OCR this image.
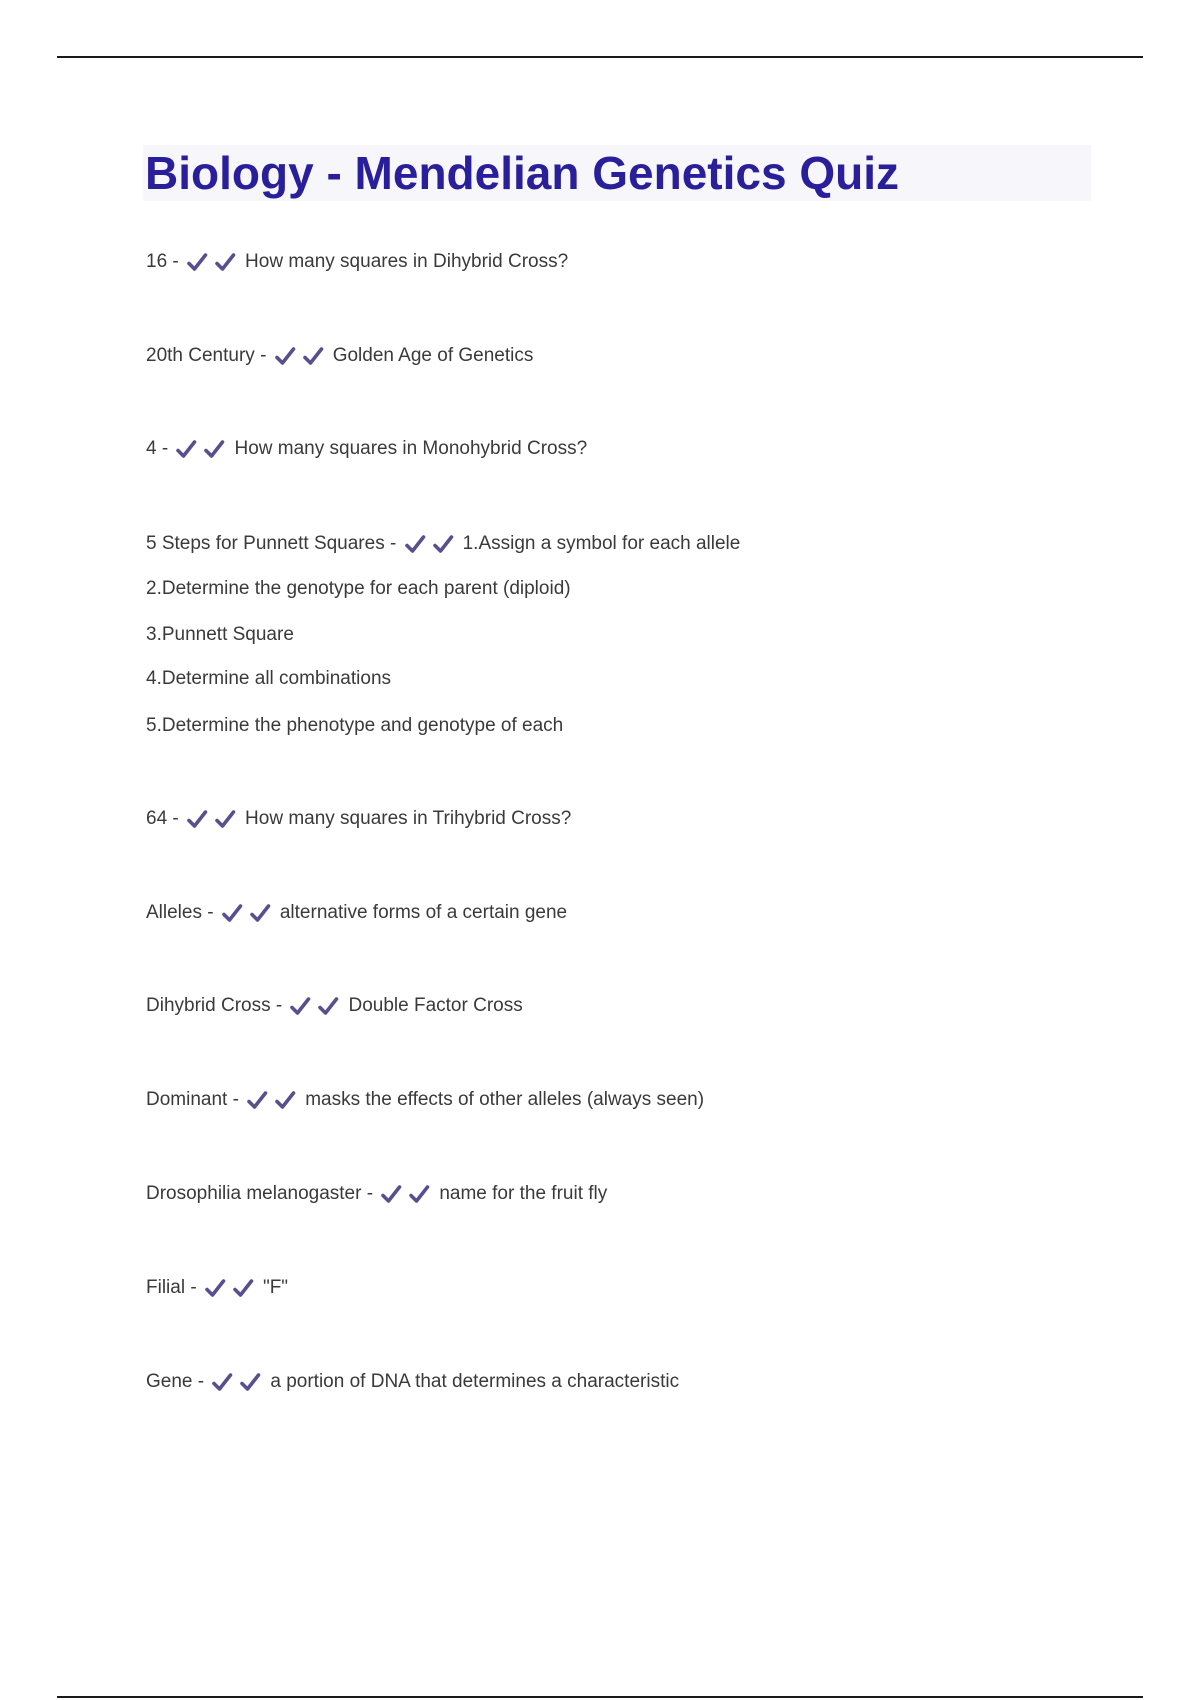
Biology - Mendelian Genetics Quiz
16 -	How many squares in Dihybrid Cross?
20th Century -	Golden Age of Genetics
4 -	How many squares in Monohybrid Cross?
5 Steps for Punnett Squares -	1.Assign a symbol for each allele
2.Determine the genotype for each parent (diploid)
3.Punnett Square
4.Determine all combinations
5.Determine the phenotype and genotype of each
64 -	How many squares in Trihybrid Cross?
Alleles -	alternative forms of a certain gene
Dihybrid Cross -	Double Factor Cross
Dominant -	masks the effects of other alleles (always seen)
Drosophilia melanogaster -	name for the fruit fly
Filial -	"F"
Gene -	a portion of DNA that determines a characteristic
